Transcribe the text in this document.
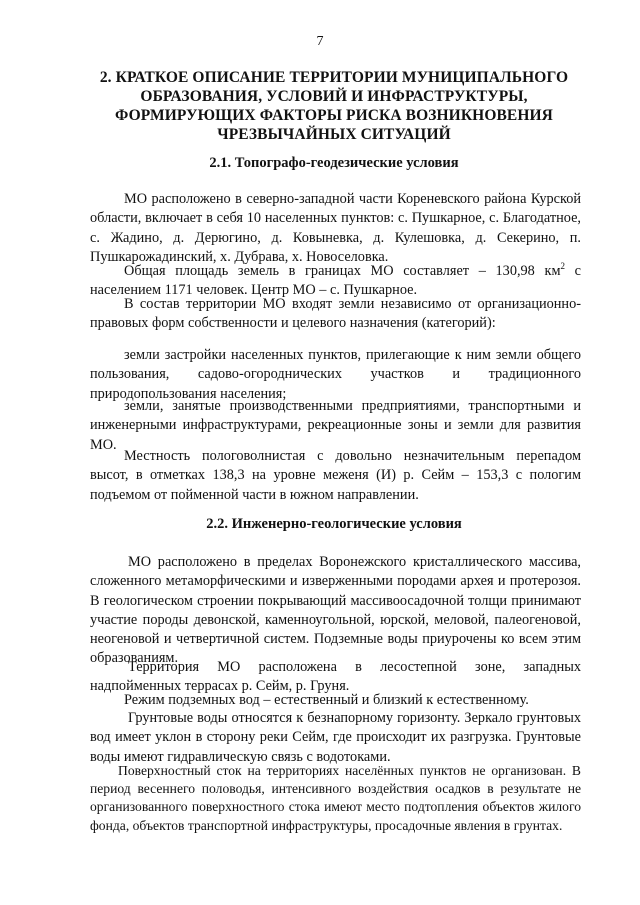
7
2. КРАТКОЕ ОПИСАНИЕ ТЕРРИТОРИИ МУНИЦИПАЛЬНОГО ОБРАЗОВАНИЯ, УСЛОВИЙ И ИНФРАСТРУКТУРЫ, ФОРМИРУЮЩИХ ФАКТОРЫ РИСКА ВОЗНИКНОВЕНИЯ ЧРЕЗВЫЧАЙНЫХ СИТУАЦИЙ
2.1. Топографо-геодезические условия

МО расположено в северно-западной части Кореневского района Курской области, включает в себя 10 населенных пунктов: с. Пушкарное, с. Благодатное, с. Жадино, д. Дерюгино, д. Ковыневка, д. Кулешовка, д. Секерино, п. Пушкарожадинский, х. Дубрава, х. Новоселовка.

Общая площадь земель в границах МО составляет – 130,98 $км^2$ с населением 1171 человек. Центр МО – с. Пушкарное.

В состав территории МО входят земли независимо от организационно-правовых форм собственности и целевого назначения (категорий):

земли застройки населенных пунктов, прилегающие к ним земли общего пользования, садово-огороднических участков и традиционного природопользования населения;

земли, занятые производственными предприятиями, транспортными и инженерными инфраструктурами, рекреационные зоны и земли для развития МО.

Местность пологоволнистая с довольно незначительным перепадом высот, в отметках 138,3 на уровне меженя (И) р. Сейм – 153,3 с пологим подъемом от пойменной части в южном направлении.

2.2. Инженерно-геологические условия

МО расположено в пределах Воронежского кристаллического массива, сложенного метаморфическими и изверженными породами архея и протерозоя. В геологическом строении покрывающий массивоосадочной толщи принимают участие породы девонской, каменноугольной, юрской, меловой, палеогеновой, неогеновой и четвертичной систем. Подземные воды приурочены ко всем этим образованиям.

Территория МО расположена в лесостепной зоне, западных надпойменных террасах р. Сейм, р. Груня.

Режим подземных вод – естественный и близкий к естественному.

Грунтовые воды относятся к безнапорному горизонту. Зеркало грунтовых вод имеет уклон в сторону реки Сейм, где происходит их разгрузка. Грунтовые воды имеют гидравлическую связь с водотоками.

Поверхностный сток на территориях населённых пунктов не организован. В период весеннего половодья, интенсивного воздействия осадков в результате не организованного поверхностного стока имеют место подтопления объектов жилого фонда, объектов транспортной инфраструктуры, просадочные явления в грунтах.
